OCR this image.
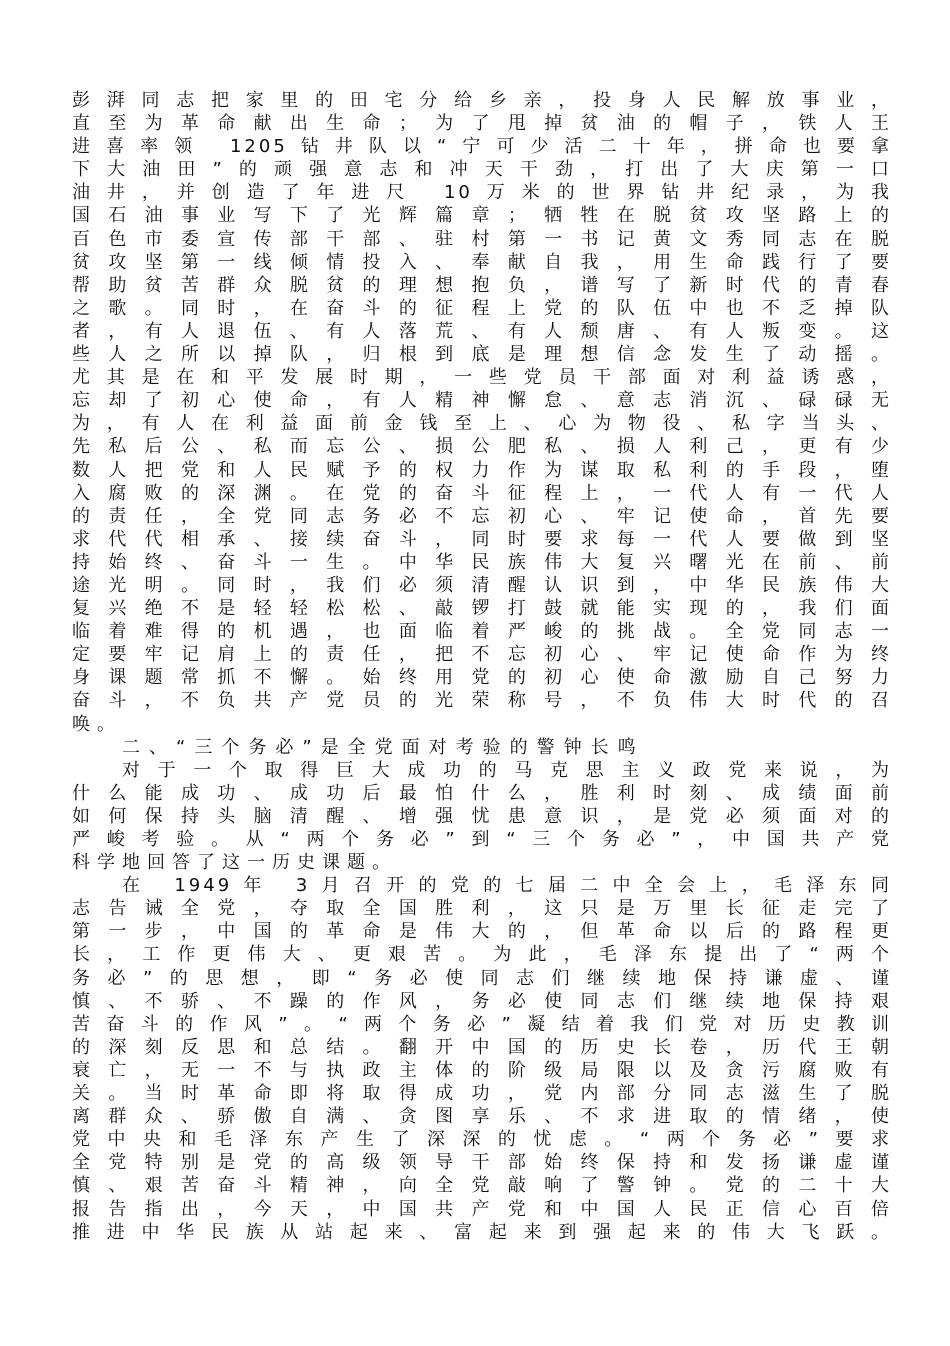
彭湃同志把家里的田宅分给乡亲，投身人民解放事业，
直至为革命献出生命；为了甩掉贫油的帽子，铁人王
进喜率领 1205钻井队以“宁可少活二十年，拼命也要拿
下大油田”的顽强意志和冲天干劲，打出了大庆第一口
油井，并创造了年进尺 10万米的世界钻井纪录，为我
国石油事业写下了光辉篇章；牺牲在脱贫攻坚路上的
百色市委宣传部干部、驻村第一书记黄文秀同志在脱
贫攻坚第一线倾情投入、奉献自我，用生命践行了要
帮助贫苦群众脱贫的理想抱负，谱写了新时代的青春
之歌。同时，在奋斗的征程上党的队伍中也不乏掉队
者，有人退伍、有人落荒、有人颓唐、有人叛变。这
些人之所以掉队，归根到底是理想信念发生了动摇。
尤其是在和平发展时期，一些党员干部面对利益诱惑，
忘却了初心使命，有人精神懈怠、意志消沉、碌碌无
为，有人在利益面前金钱至上、心为物役、私字当头、
先私后公、私而忘公、损公肥私、损人利己，更有少
数人把党和人民赋予的权力作为谋取私利的手段，堕
入腐败的深渊。在党的奋斗征程上，一代人有一代人
的责任，全党同志务必不忘初心、牢记使命，首先要
求代代相承、接续奋斗，同时要求每一代人要做到坚
持始终、奋斗一生。中华民族伟大复兴曙光在前、前
途光明。同时，我们必须清醒认识到，中华民族伟大
复兴绝不是轻轻松松、敲锣打鼓就能实现的，我们面
临着难得的机遇，也面临着严峻的挑战。全党同志一
定要牢记肩上的责任，把不忘初心、牢记使命作为终
身课题常抓不懈。始终用党的初心使命激励自己努力
奋斗，不负共产党员的光荣称号，不负伟大时代的召
唤。
二、“三个务必”是全党面对考验的警钟长鸣
对于一个取得巨大成功的马克思主义政党来说，为
什么能成功、成功后最怕什么，胜利时刻、成绩面前
如何保持头脑清醒、增强忧患意识，是党必须面对的
严峻考验。从“两个务必”到“三个务必”，中国共产党
科学地回答了这一历史课题。
在 1949年 3月召开的党的七届二中全会上，毛泽东同
志告诫全党，夺取全国胜利，这只是万里长征走完了
第一步，中国的革命是伟大的，但革命以后的路程更
长，工作更伟大、更艰苦。为此，毛泽东提出了“两个
务必”的思想，即“务必使同志们继续地保持谦虚、谨
慎、不骄、不躁的作风，务必使同志们继续地保持艰
苦奋斗的作风”。“两个务必”凝结着我们党对历史教训
的深刻反思和总结。翻开中国的历史长卷，历代王朝
衰亡，无一不与执政主体的阶级局限以及贪污腐败有
关。当时革命即将取得成功，党内部分同志滋生了脱
离群众、骄傲自满、贪图享乐、不求进取的情绪，使
党中央和毛泽东产生了深深的忧虑。“两个务必”要求
全党特别是党的高级领导干部始终保持和发扬谦虚谨
慎、艰苦奋斗精神，向全党敲响了警钟。党的二十大
报告指出，今天，中国共产党和中国人民正信心百倍
推进中华民族从站起来、富起来到强起来的伟大飞跃。
